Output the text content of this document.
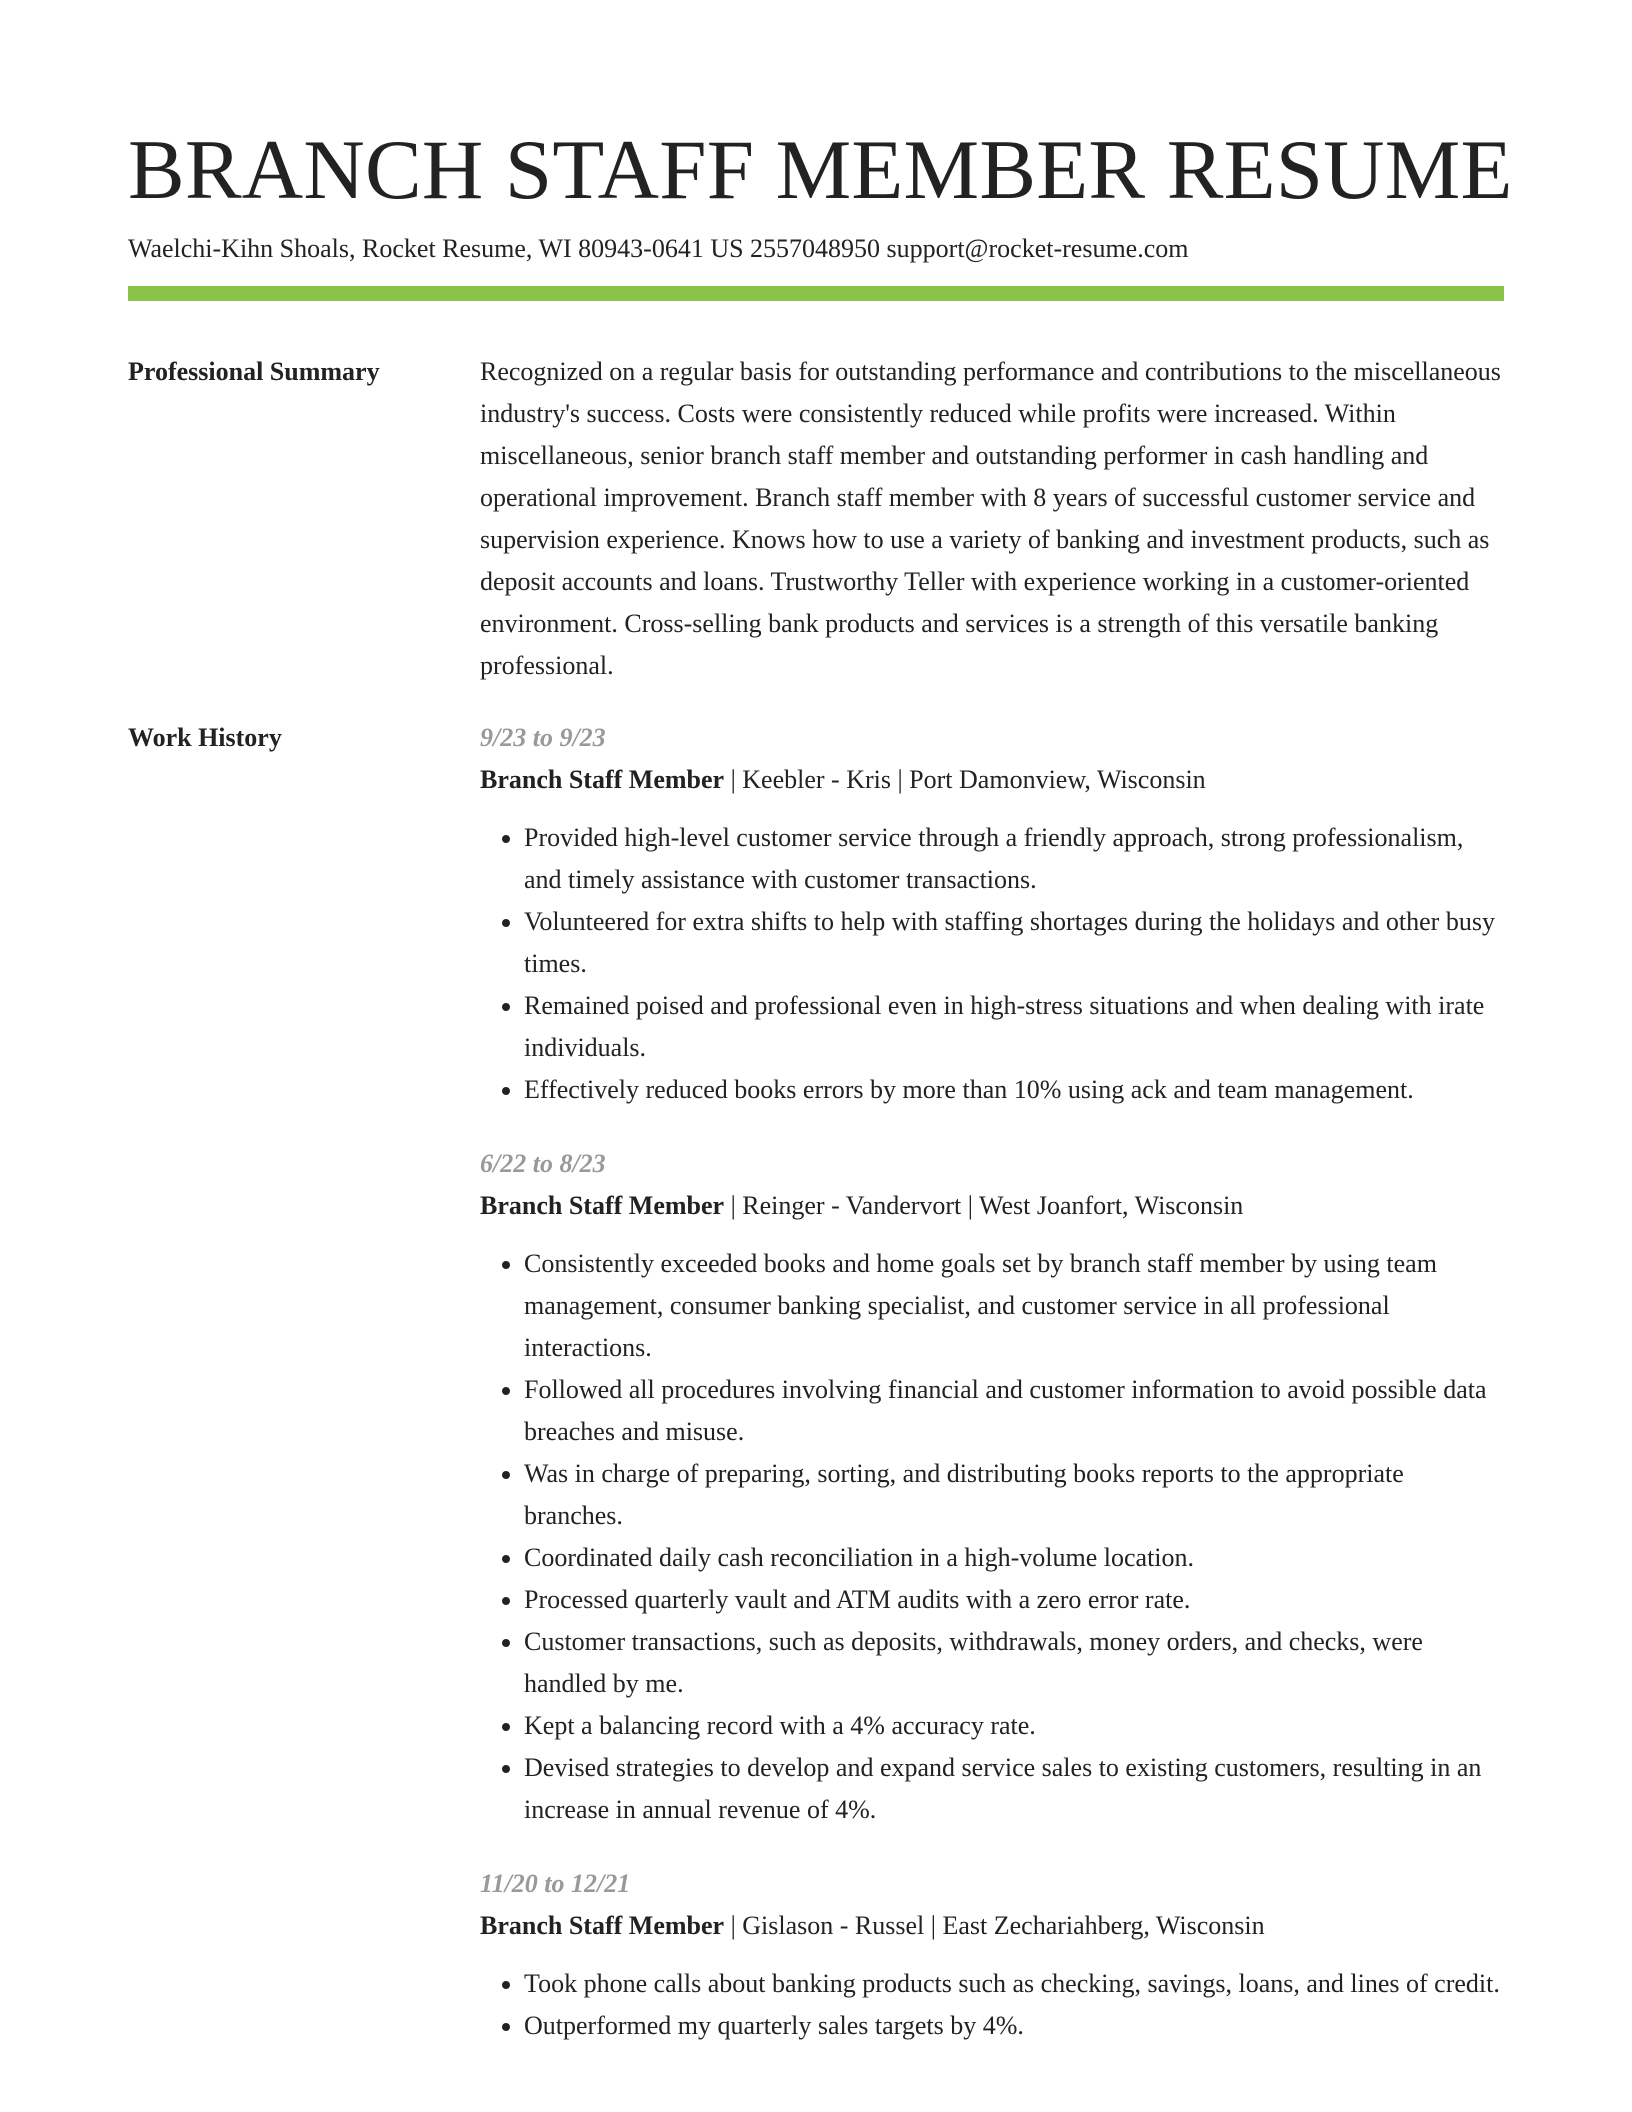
BRANCH STAFF MEMBER RESUME
Waelchi-Kihn Shoals, Rocket Resume, WI 80943-0641 US 2557048950 support@rocket-resume.com
Professional Summary	Recognized on a regular basis for outstanding performance and contributions to the miscellaneous industry's success. Costs were consistently reduced while profits were increased. Within miscellaneous, senior branch staff member and outstanding performer in cash handling and operational improvement. Branch staff member with 8 years of successful customer service and supervision experience. Knows how to use a variety of banking and investment products, such as deposit accounts and loans. Trustworthy Teller with experience working in a customer-oriented environment. Cross-selling bank products and services is a strength of this versatile banking professional.

Work History	9/23 to 9/23
Branch Staff Member | Keebler - Kris | Port Damonview, Wisconsin
• Provided high-level customer service through a friendly approach, strong professionalism, and timely assistance with customer transactions.
• Volunteered for extra shifts to help with staffing shortages during the holidays and other busy times.
• Remained poised and professional even in high-stress situations and when dealing with irate individuals.
• Effectively reduced books errors by more than 10% using ack and team management.
6/22 to 8/23
Branch Staff Member | Reinger - Vandervort | West Joanfort, Wisconsin
• Consistently exceeded books and home goals set by branch staff member by using team management, consumer banking specialist, and customer service in all professional interactions.
• Followed all procedures involving financial and customer information to avoid possible data breaches and misuse.
• Was in charge of preparing, sorting, and distributing books reports to the appropriate branches.
• Coordinated daily cash reconciliation in a high-volume location.
• Processed quarterly vault and ATM audits with a zero error rate.
• Customer transactions, such as deposits, withdrawals, money orders, and checks, were handled by me.
• Kept a balancing record with a 4% accuracy rate.
• Devised strategies to develop and expand service sales to existing customers, resulting in an increase in annual revenue of 4%.
11/20 to 12/21
Branch Staff Member | Gislason - Russel | East Zechariahberg, Wisconsin
• Took phone calls about banking products such as checking, savings, loans, and lines of credit.
• Outperformed my quarterly sales targets by 4%.
